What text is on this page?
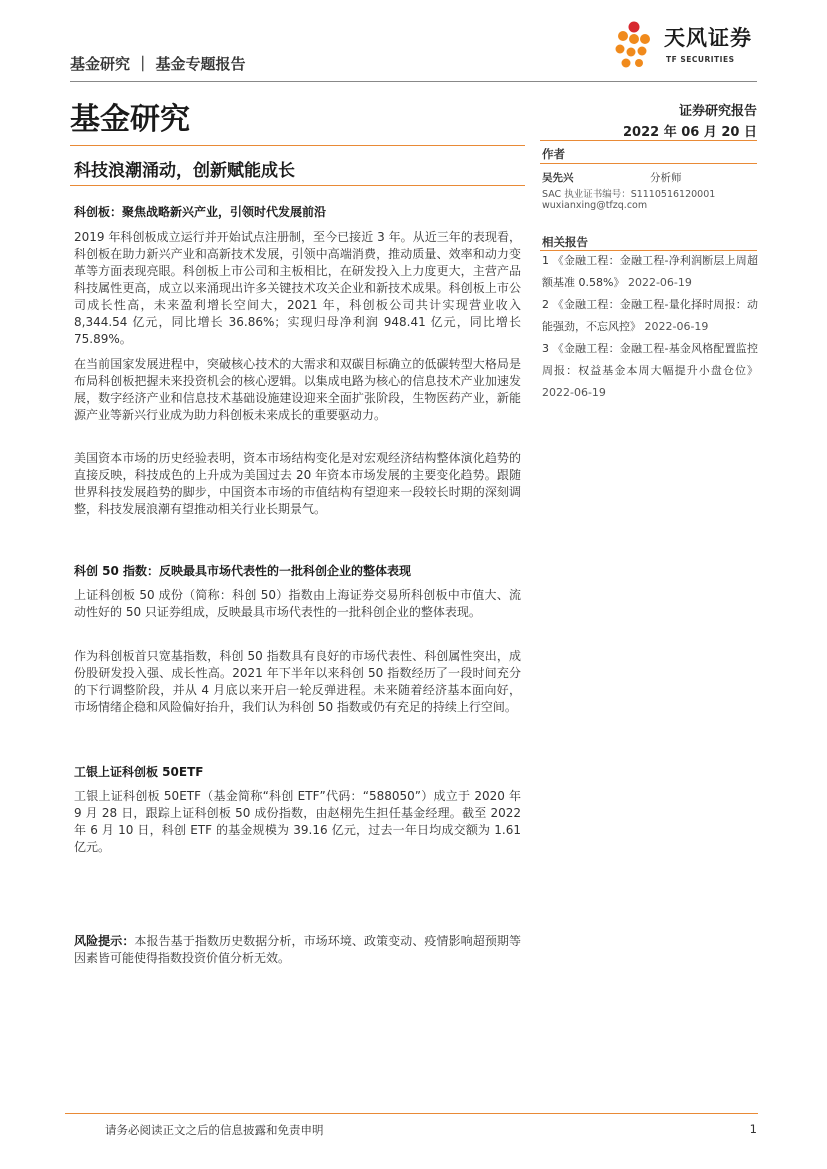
基金研究 ｜ 基金专题报告
天风证券
TF SECURITIES
基金研究	证券研究报告
2022 年 06 月 20 日
科技浪潮涌动，创新赋能成长
科创板：聚焦战略新兴产业，引领时代发展前沿

2019 年科创板成立运行并开始试点注册制，至今已接近 3 年。从近三年的表现看，科创板在助力新兴产业和高新技术发展，引领中高端消费，推动质量、效率和动力变革等方面表现亮眼。科创板上市公司和主板相比，在研发投入上力度更大，主营产品科技属性更高，成立以来涌现出许多关键技术攻关企业和新技术成果。科创板上市公司成长性高，未来盈利增长空间大，2021 年，科创板公司共计实现营业收入 8,344.54 亿元，同比增长 36.86%；实现归母净利润 948.41 亿元，同比增长 75.89%。

在当前国家发展进程中，突破核心技术的大需求和双碳目标确立的低碳转型大格局是布局科创板把握未来投资机会的核心逻辑。以集成电路为核心的信息技术产业加速发展，数字经济产业和信息技术基础设施建设迎来全面扩张阶段，生物医药产业，新能源产业等新兴行业成为助力科创板未来成长的重要驱动力。

美国资本市场的历史经验表明，资本市场结构变化是对宏观经济结构整体演化趋势的直接反映，科技成色的上升成为美国过去 20 年资本市场发展的主要变化趋势。跟随世界科技发展趋势的脚步，中国资本市场的市值结构有望迎来一段较长时期的深刻调整，科技发展浪潮有望推动相关行业长期景气。

科创 50 指数：反映最具市场代表性的一批科创企业的整体表现

上证科创板 50 成份（简称：科创 50）指数由上海证券交易所科创板中市值大、流动性好的 50 只证券组成，反映最具市场代表性的一批科创企业的整体表现。

作为科创板首只宽基指数，科创 50 指数具有良好的市场代表性、科创属性突出，成份股研发投入强、成长性高。2021 年下半年以来科创 50 指数经历了一段时间充分的下行调整阶段，并从 4 月底以来开启一轮反弹进程。未来随着经济基本面向好，市场情绪企稳和风险偏好抬升，我们认为科创 50 指数或仍有充足的持续上行空间。

工银上证科创板 50ETF

工银上证科创板 50ETF（基金简称“科创 ETF”代码：“588050”）成立于 2020 年 9 月 28 日，跟踪上证科创板 50 成份指数，由赵栩先生担任基金经理。截至 2022 年 6 月 10 日，科创 ETF 的基金规模为 39.16 亿元，过去一年日均成交额为 1.61 亿元。

风险提示：本报告基于指数历史数据分析，市场环境、政策变动、疫情影响超预期等因素皆可能使得指数投资价值分析无效。
作者
吴先兴	分析师
SAC 执业证书编号：S1110516120001
wuxianxing@tfzq.com
相关报告
1 《金融工程：金融工程-净利润断层上周超额基准 0.58%》 2022-06-19
2 《金融工程：金融工程-量化择时周报：动能强劲，不忘风控》 2022-06-19
3 《金融工程：金融工程-基金风格配置监控周报：权益基金本周大幅提升小盘仓位》 2022-06-19
请务必阅读正文之后的信息披露和免责申明	1
